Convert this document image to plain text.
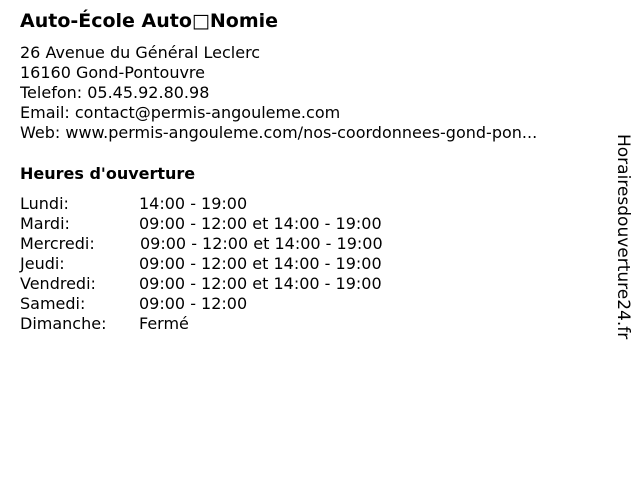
Auto-École Auto□Nomie
26 Avenue du Général Leclerc
16160 Gond-Pontouvre
Telefon: 05.45.92.80.98
Email: contact@permis-angouleme.com
Web: www.permis-angouleme.com/nos-coordonnees-gond-pon...
Heures d'ouverture
Lundi:	14:00 - 19:00
Mardi:	09:00 - 12:00 et 14:00 - 19:00
Mercredi:	09:00 - 12:00 et 14:00 - 19:00
Jeudi:	09:00 - 12:00 et 14:00 - 19:00
Vendredi:	09:00 - 12:00 et 14:00 - 19:00
Samedi:	09:00 - 12:00
Dimanche: Fermé	Horairesdouverture24.fr
